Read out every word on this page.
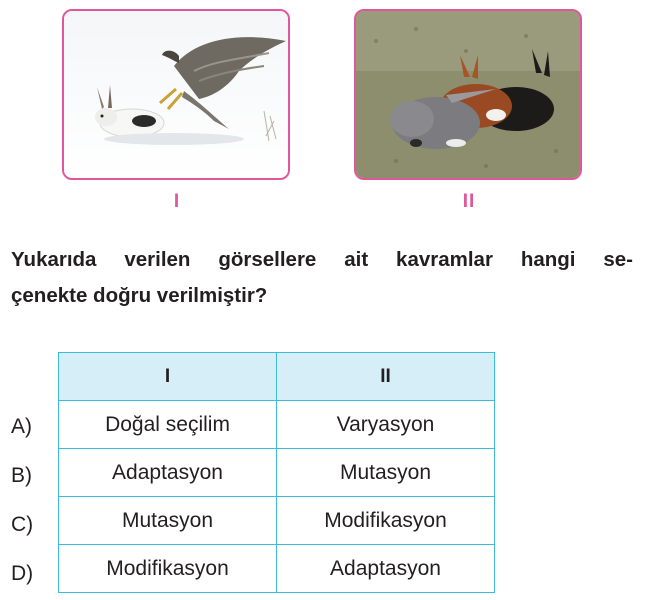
I	II
Yukarıda verilen görsellere ait kavramlar hangi se-
çenekte doğru verilmiştir?
A)
B)
C)
D)
I	II
Doğal seçilim	Varyasyon
Adaptasyon	Mutasyon
Mutasyon	Modifikasyon
Modifikasyon	Adaptasyon
